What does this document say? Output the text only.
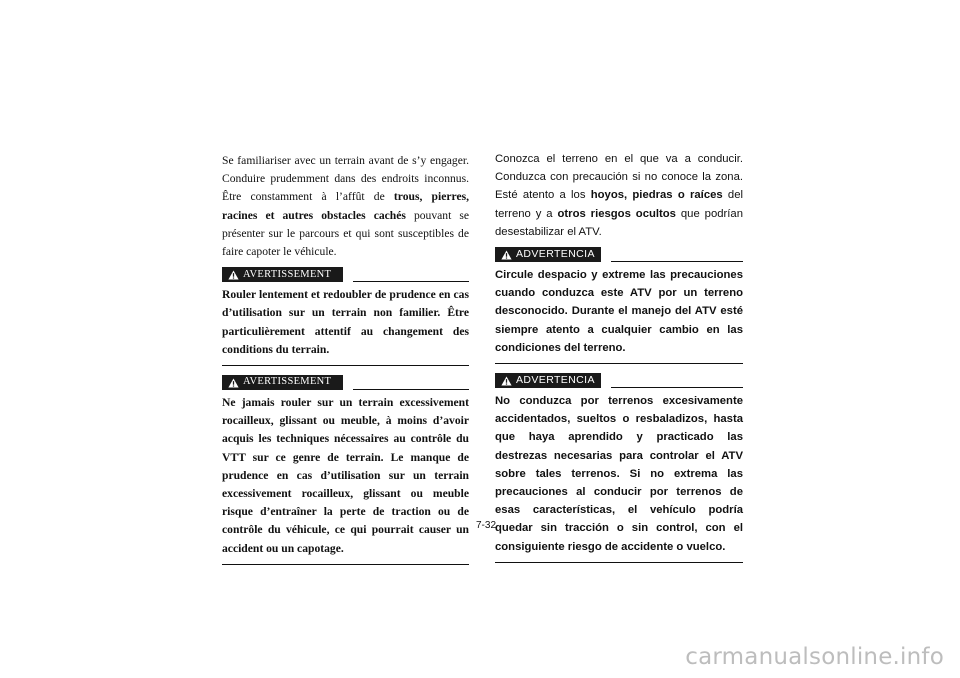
Se familiariser avec un terrain avant de s’y engager. Conduire prudemment dans des endroits inconnus. Être constamment à l’affût de trous, pierres, racines et autres obstacles cachés pouvant se présenter sur le parcours et qui sont susceptibles de faire capoter le véhicule.

AVERTISSEMENT

Rouler lentement et redoubler de prudence en cas d’utilisation sur un terrain non familier. Être particulièrement attentif au changement des conditions du terrain.

AVERTISSEMENT

Ne jamais rouler sur un terrain excessivement rocailleux, glissant ou meuble, à moins d’avoir acquis les techniques nécessaires au contrôle du VTT sur ce genre de terrain. Le manque de prudence en cas d’utilisation sur un terrain excessivement rocailleux, glissant ou meuble risque d’entraîner la perte de traction ou de contrôle du véhicule, ce qui pourrait causer un accident ou un capotage.

Conozca el terreno en el que va a conducir. Conduzca con precaución si no conoce la zona. Esté atento a los hoyos, piedras o raíces del terreno y a otros riesgos ocultos que podrían desestabilizar el ATV.

ADVERTENCIA

Circule despacio y extreme las precauciones cuando conduzca este ATV por un terreno desconocido. Durante el manejo del ATV esté siempre atento a cualquier cambio en las condiciones del terreno.

ADVERTENCIA

No conduzca por terrenos excesivamente accidentados, sueltos o resbaladizos, hasta que haya aprendido y practicado las destrezas necesarias para controlar el ATV sobre tales terrenos. Si no extrema las precauciones al conducir por terrenos de esas características, el vehículo podría quedar sin tracción o sin control, con el consiguiente riesgo de accidente o vuelco.

7-32
carmanualsonline.info
